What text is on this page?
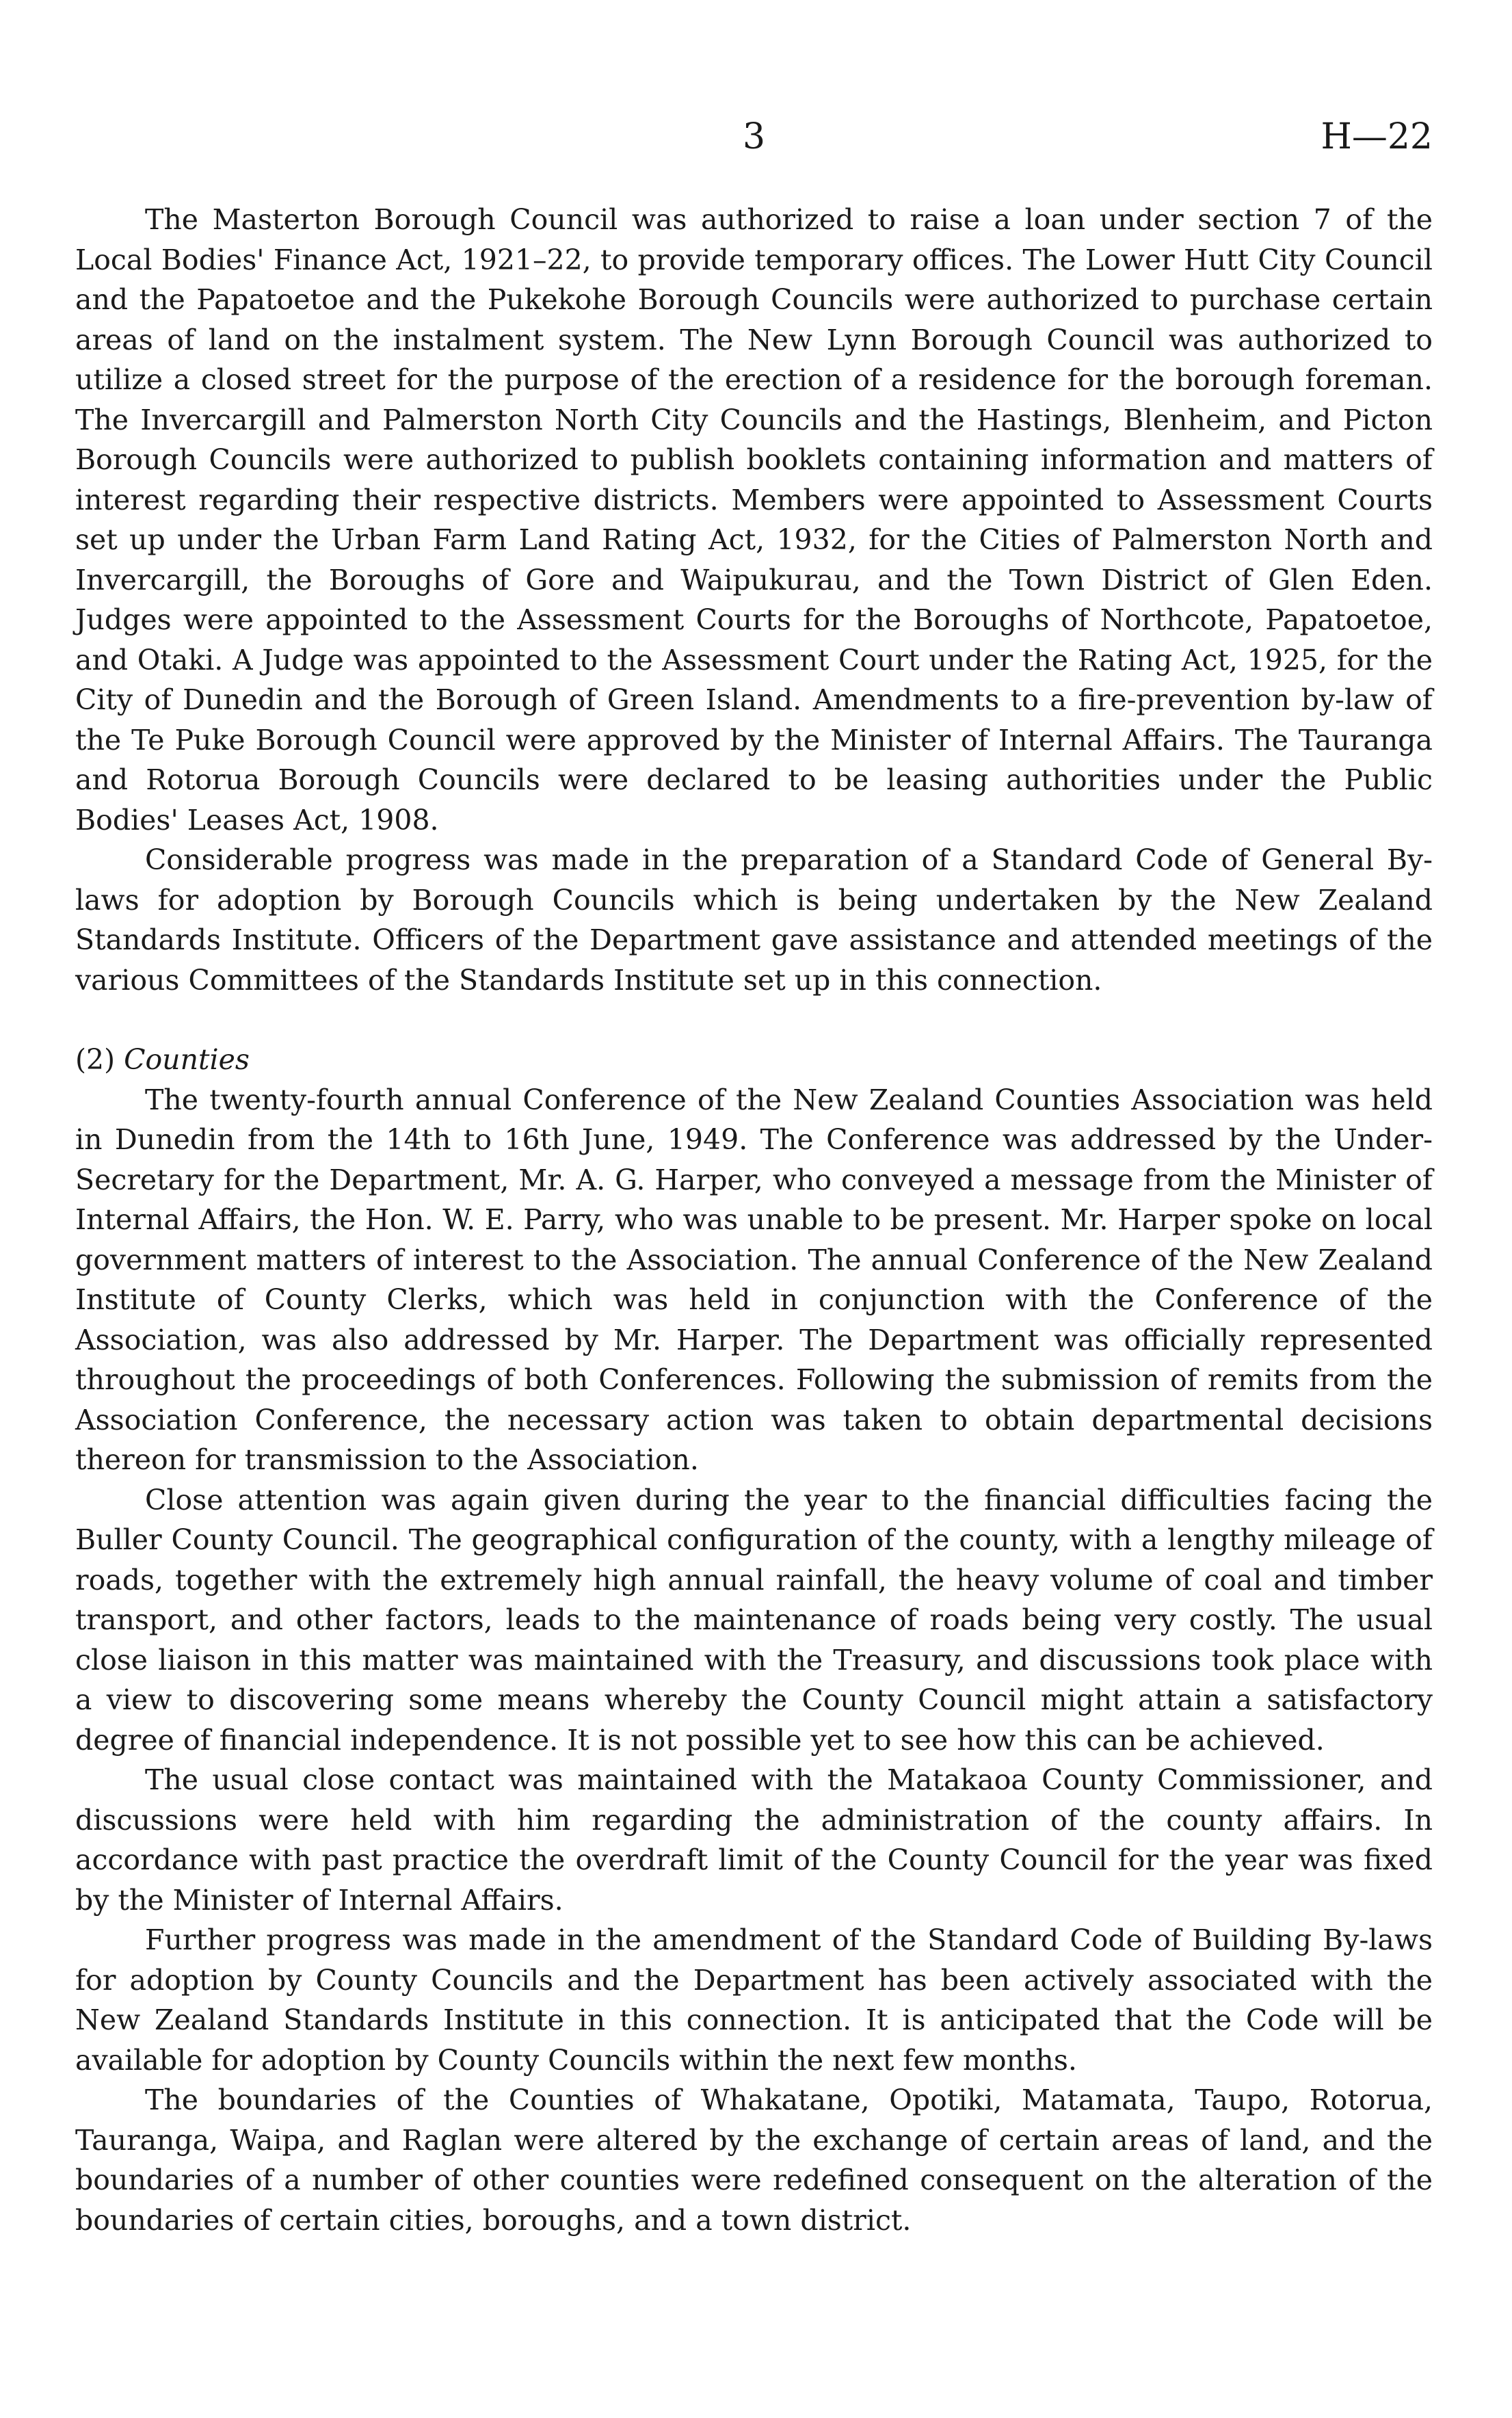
3	H—22

The Masterton Borough Council was authorized to raise a loan under section 7 of the Local Bodies' Finance Act, 1921–22, to provide temporary offices. The Lower Hutt City Council and the Papatoetoe and the Pukekohe Borough Councils were authorized to purchase certain areas of land on the instalment system. The New Lynn Borough Council was authorized to utilize a closed street for the purpose of the erection of a residence for the borough foreman. The Invercargill and Palmerston North City Councils and the Hastings, Blenheim, and Picton Borough Councils were authorized to publish booklets containing information and matters of interest regarding their respective districts. Members were appointed to Assessment Courts set up under the Urban Farm Land Rating Act, 1932, for the Cities of Palmerston North and Invercargill, the Boroughs of Gore and Waipukurau, and the Town District of Glen Eden. Judges were appointed to the Assessment Courts for the Boroughs of Northcote, Papatoetoe, and Otaki. A Judge was appointed to the Assessment Court under the Rating Act, 1925, for the City of Dunedin and the Borough of Green Island. Amendments to a fire-prevention by-law of the Te Puke Borough Council were approved by the Minister of Internal Affairs. The Tauranga and Rotorua Borough Councils were declared to be leasing authorities under the Public Bodies' Leases Act, 1908.

Considerable progress was made in the preparation of a Standard Code of General By-laws for adoption by Borough Councils which is being undertaken by the New Zealand Standards Institute. Officers of the Department gave assistance and attended meetings of the various Committees of the Standards Institute set up in this connection.

(2) Counties

The twenty-fourth annual Conference of the New Zealand Counties Association was held in Dunedin from the 14th to 16th June, 1949. The Conference was addressed by the Under-Secretary for the Department, Mr. A. G. Harper, who conveyed a message from the Minister of Internal Affairs, the Hon. W. E. Parry, who was unable to be present. Mr. Harper spoke on local government matters of interest to the Association. The annual Conference of the New Zealand Institute of County Clerks, which was held in conjunction with the Conference of the Association, was also addressed by Mr. Harper. The Department was officially represented throughout the proceedings of both Conferences. Following the submission of remits from the Association Conference, the necessary action was taken to obtain departmental decisions thereon for transmission to the Association.

Close attention was again given during the year to the financial difficulties facing the Buller County Council. The geographical configuration of the county, with a lengthy mileage of roads, together with the extremely high annual rainfall, the heavy volume of coal and timber transport, and other factors, leads to the maintenance of roads being very costly. The usual close liaison in this matter was maintained with the Treasury, and discussions took place with a view to discovering some means whereby the County Council might attain a satisfactory degree of financial independence. It is not possible yet to see how this can be achieved.

The usual close contact was maintained with the Matakaoa County Commissioner, and discussions were held with him regarding the administration of the county affairs. In accordance with past practice the overdraft limit of the County Council for the year was fixed by the Minister of Internal Affairs.

Further progress was made in the amendment of the Standard Code of Building By-laws for adoption by County Councils and the Department has been actively associated with the New Zealand Standards Institute in this connection. It is anticipated that the Code will be available for adoption by County Councils within the next few months.

The boundaries of the Counties of Whakatane, Opotiki, Matamata, Taupo, Rotorua, Tauranga, Waipa, and Raglan were altered by the exchange of certain areas of land, and the boundaries of a number of other counties were redefined consequent on the alteration of the boundaries of certain cities, boroughs, and a town district.
